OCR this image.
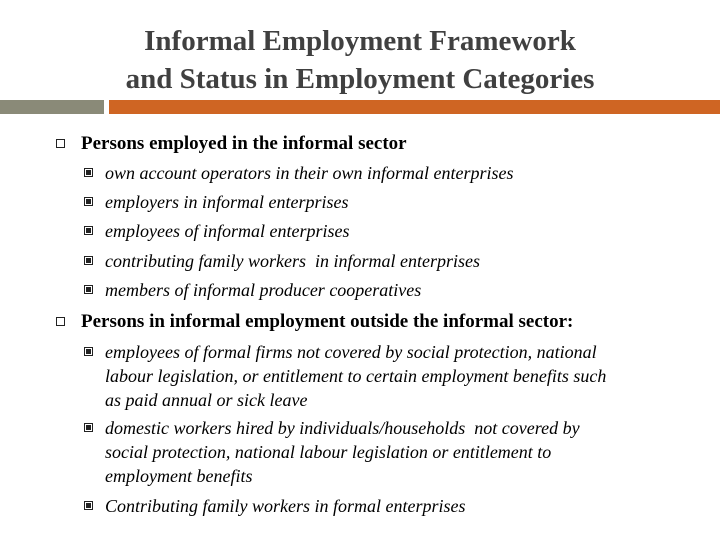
Informal Employment Framework
and Status in Employment Categories
Persons employed in the informal sector
own account operators in their own informal enterprises
employers in informal enterprises
employees of informal enterprises
contributing family workers  in informal enterprises
members of informal producer cooperatives
Persons in informal employment outside the informal sector:
employees of formal firms not covered by social protection, national
labour legislation, or entitlement to certain employment benefits such
as paid annual or sick leave
domestic workers hired by individuals/households  not covered by
social protection, national labour legislation or entitlement to
employment benefits
Contributing family workers in formal enterprises
